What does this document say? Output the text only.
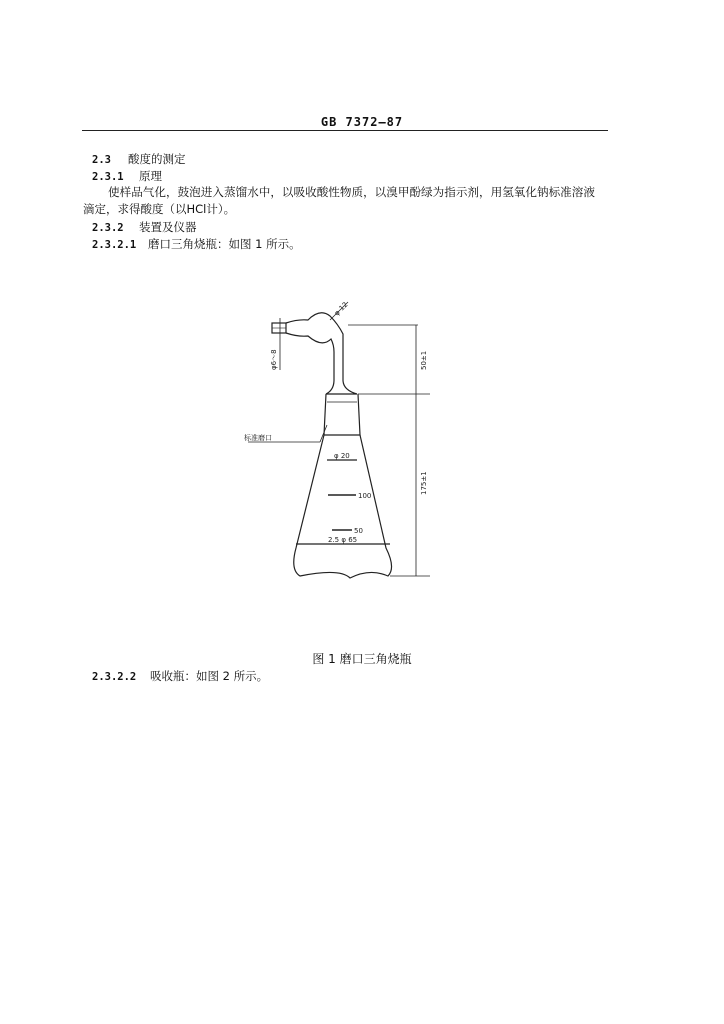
GB 7372—87
2.3 酸度的测定
2.3.1 原理
使样品气化，鼓泡进入蒸馏水中，以吸收酸性物质，以溴甲酚绿为指示剂，用氢氧化钠标准溶液
滴定，求得酸度（以HCl计）。
2.3.2 装置及仪器
2.3.2.1 磨口三角烧瓶：如图 1 所示。
φ 12
φ6～8	50±1
175±1
标准磨口
φ 20
100
50
2.5 φ 65
图 1 磨口三角烧瓶
2.3.2.2 吸收瓶：如图 2 所示。
